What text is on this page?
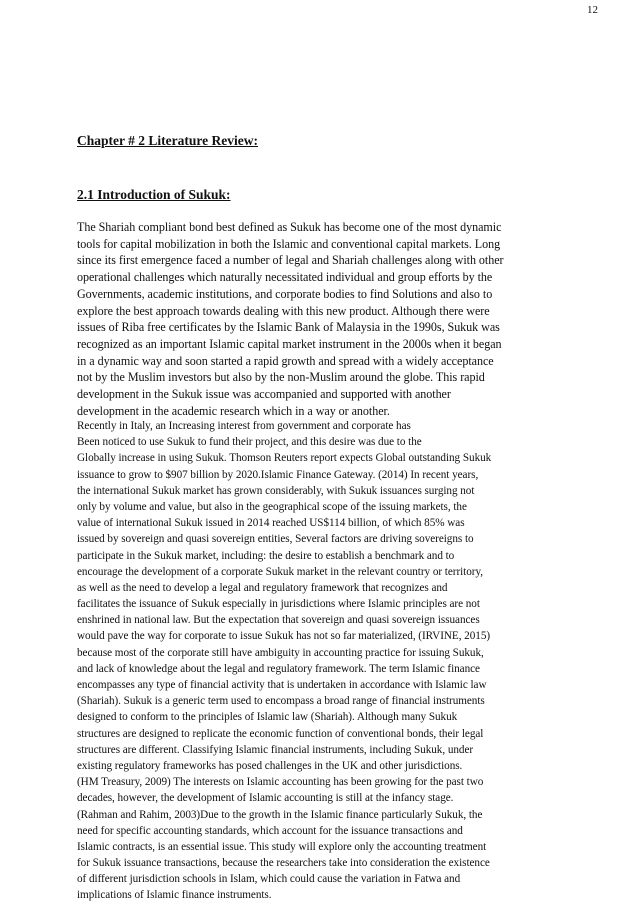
12
Chapter # 2 Literature Review:
2.1 Introduction of Sukuk:
The Shariah compliant bond best defined as Sukuk has become one of the most dynamic
tools for capital mobilization in both the Islamic and conventional capital markets. Long
since its first emergence faced a number of legal and Shariah challenges along with other
operational challenges which naturally necessitated individual and group efforts by the
Governments, academic institutions, and corporate bodies to find Solutions and also to
explore the best approach towards dealing with this new product. Although there were
issues of Riba free certificates by the Islamic Bank of Malaysia in the 1990s, Sukuk was
recognized as an important Islamic capital market instrument in the 2000s when it began
in a dynamic way and soon started a rapid growth and spread with a widely acceptance
not by the Muslim investors but also by the non-Muslim around the globe. This rapid
development in the Sukuk issue was accompanied and supported with another
development in the academic research which in a way or another.
Recently in Italy, an Increasing interest from government and corporate has
Been noticed to use Sukuk to fund their project, and this desire was due to the
Globally increase in using Sukuk. Thomson Reuters report expects Global outstanding Sukuk
issuance to grow to $907 billion by 2020.Islamic Finance Gateway. (2014) In recent years,
the international Sukuk market has grown considerably, with Sukuk issuances surging not
only by volume and value, but also in the geographical scope of the issuing markets, the
value of international Sukuk issued in 2014 reached US$114 billion, of which 85% was
issued by sovereign and quasi sovereign entities, Several factors are driving sovereigns to
participate in the Sukuk market, including: the desire to establish a benchmark and to
encourage the development of a corporate Sukuk market in the relevant country or territory,
as well as the need to develop a legal and regulatory framework that recognizes and
facilitates the issuance of Sukuk especially in jurisdictions where Islamic principles are not
enshrined in national law. But the expectation that sovereign and quasi sovereign issuances
would pave the way for corporate to issue Sukuk has not so far materialized, (IRVINE, 2015)
because most of the corporate still have ambiguity in accounting practice for issuing Sukuk,
and lack of knowledge about the legal and regulatory framework. The term Islamic finance
encompasses any type of financial activity that is undertaken in accordance with Islamic law
(Shariah). Sukuk is a generic term used to encompass a broad range of financial instruments
designed to conform to the principles of Islamic law (Shariah). Although many Sukuk
structures are designed to replicate the economic function of conventional bonds, their legal
structures are different. Classifying Islamic financial instruments, including Sukuk, under
existing regulatory frameworks has posed challenges in the UK and other jurisdictions.
(HM Treasury, 2009) The interests on Islamic accounting has been growing for the past two
decades, however, the development of Islamic accounting is still at the infancy stage.
(Rahman and Rahim, 2003)Due to the growth in the Islamic finance particularly Sukuk, the
need for specific accounting standards, which account for the issuance transactions and
Islamic contracts, is an essential issue. This study will explore only the accounting treatment
for Sukuk issuance transactions, because the researchers take into consideration the existence
of different jurisdiction schools in Islam, which could cause the variation in Fatwa and
implications of Islamic finance instruments.
